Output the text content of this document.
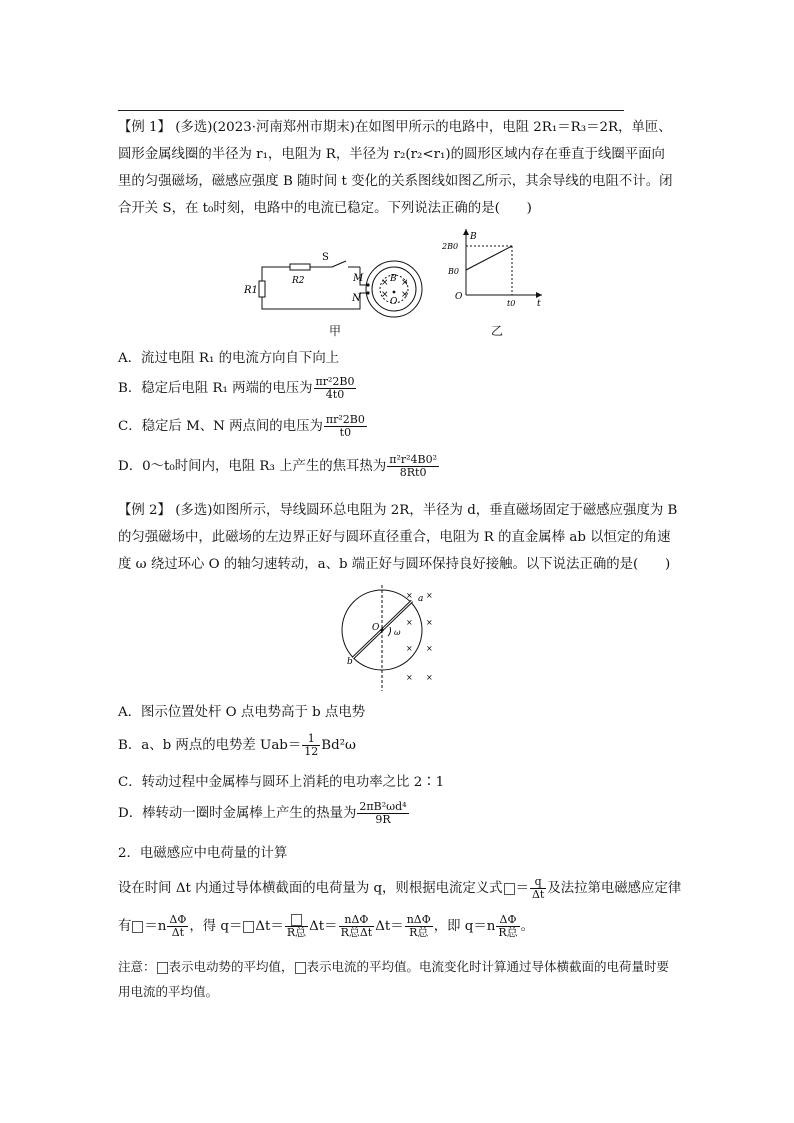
【例 1】 (多选)(2023·河南郑州市期末)在如图甲所示的电路中，电阻 2R₁＝R₃＝2R，单匝、圆形金属线圈的半径为 r₁，电阻为 R，半径为 r₂(r₂<r₁)的圆形区域内存在垂直于线圈平面向里的匀强磁场，磁感应强度 B 随时间 t 变化的关系图线如图乙所示，其余导线的电阻不计。闭合开关 S，在 t₀时刻，电路中的电流已稳定。下列说法正确的是(　　)
R1
R2
S
M
N
B
O
× ×
× ×
甲
B
2B0
B0
O
t0 t
乙
A．流过电阻 R₁ 的电流方向自下向上
B．稳定后电阻 R₁ 两端的电压为 $\frac{\text{πr²2B0}}{4t0}$
C．稳定后 M、N 两点间的电压为 $\frac{\text{πr²2B0}}{t0}$
D．0～t₀时间内，电阻 R₃ 上产生的焦耳热为 $\frac{\text{π²r²4B0²}}{8Rt0}$
【例 2】 (多选)如图所示，导线圆环总电阻为 2R，半径为 d，垂直磁场固定于磁感应强度为 B 的匀强磁场中，此磁场的左边界正好与圆环直径重合，电阻为 R 的直金属棒 ab 以恒定的角速度 ω 绕过环心 O 的轴匀速转动，a、b 端正好与圆环保持良好接触。以下说法正确的是(　　)
a
b
O ω
× ×
× ×
× ×
× ×
A．图示位置处杆 O 点电势高于 b 点电势
B．a、b 两点的电势差 $Uab= \frac{1}{12} Bd^2\omega$
C．转动过程中金属棒与圆环上消耗的电功率之比 2∶1
D．棒转动一圈时金属棒上产生的热量为 $\frac{\text{2πB²ωd⁴}}{9R}$
2．电磁感应中电荷量的计算
设在时间 Δt 内通过导体横截面的电荷量为 q，则根据电流定义式 ＝ $\frac{q}{\Delta t}$ 及法拉第电磁感应定律
有 $=n \frac{\Delta\Phi}{\Delta t}$ ，得 q＝ Δt＝ R总 $\Delta t= \frac{\text{nΔΦ}}{\text{R总Δt}} \Delta t= \frac{\text{nΔΦ}}{\text{R总}}$ ，即 $q=n \frac{\Delta\Phi}{\text{R总}}$ 。
注意： 表示电动势的平均值， 表示电流的平均值。电流变化时计算通过导体横截面的电荷量时要用电流的平均值。
